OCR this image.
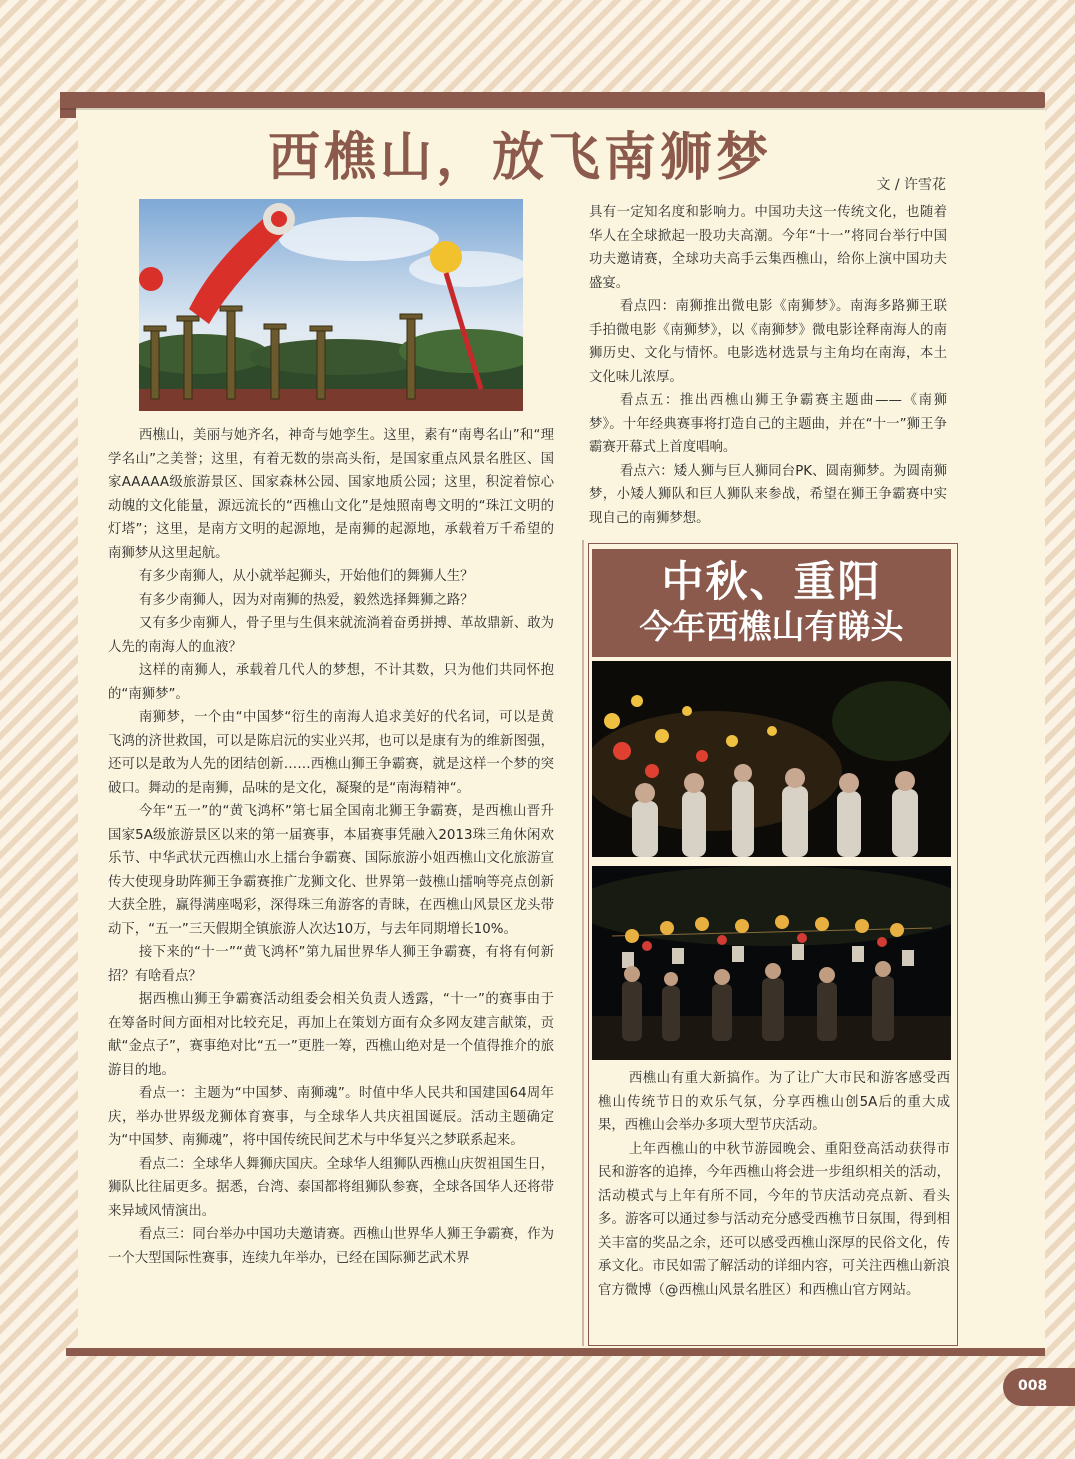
西樵山，放飞南狮梦	文 / 许雪花

西樵山，美丽与她齐名，神奇与她孪生。这里，素有“南粤名山”和“理学名山”之美誉；这里，有着无数的崇高头衔，是国家重点风景名胜区、国家AAAAA级旅游景区、国家森林公园、国家地质公园；这里，积淀着惊心动魄的文化能量，源远流长的“西樵山文化”是烛照南粤文明的“珠江文明的灯塔”；这里，是南方文明的起源地，是南狮的起源地，承载着万千希望的南狮梦从这里起航。

有多少南狮人，从小就举起狮头，开始他们的舞狮人生？

有多少南狮人，因为对南狮的热爱，毅然选择舞狮之路？

又有多少南狮人，骨子里与生俱来就流淌着奋勇拼搏、革故鼎新、敢为人先的南海人的血液？

这样的南狮人，承载着几代人的梦想，不计其数，只为他们共同怀抱的“南狮梦”。

南狮梦，一个由“中国梦“衍生的南海人追求美好的代名词，可以是黄飞鸿的济世救国，可以是陈启沅的实业兴邦，也可以是康有为的维新图强，还可以是敢为人先的团结创新……西樵山狮王争霸赛，就是这样一个梦的突破口。舞动的是南狮，品味的是文化，凝聚的是“南海精神“。

今年“五一”的“黄飞鸿杯”第七届全国南北狮王争霸赛，是西樵山晋升国家5A级旅游景区以来的第一届赛事，本届赛事凭融入2013珠三角休闲欢乐节、中华武状元西樵山水上擂台争霸赛、国际旅游小姐西樵山文化旅游宣传大使现身助阵狮王争霸赛推广龙狮文化、世界第一鼓樵山擂响等亮点创新大获全胜，赢得满座喝彩，深得珠三角游客的青睐，在西樵山风景区龙头带动下，“五一”三天假期全镇旅游人次达10万，与去年同期增长10%。

接下来的“十一”“黄飞鸿杯”第九届世界华人狮王争霸赛，有将有何新招？有啥看点？

据西樵山狮王争霸赛活动组委会相关负责人透露，“十一”的赛事由于在筹备时间方面相对比较充足，再加上在策划方面有众多网友建言献策，贡献“金点子”，赛事绝对比“五一”更胜一筹，西樵山绝对是一个值得推介的旅游目的地。

看点一：主题为“中国梦、南狮魂”。时值中华人民共和国建国64周年庆，举办世界级龙狮体育赛事，与全球华人共庆祖国诞辰。活动主题确定为“中国梦、南狮魂”，将中国传统民间艺术与中华复兴之梦联系起来。

看点二：全球华人舞狮庆国庆。全球华人组狮队西樵山庆贺祖国生日，狮队比往届更多。据悉，台湾、泰国都将组狮队参赛，全球各国华人还将带来异域风情演出。

看点三：同台举办中国功夫邀请赛。西樵山世界华人狮王争霸赛，作为一个大型国际性赛事，连续九年举办，已经在国际狮艺武术界

具有一定知名度和影响力。中国功夫这一传统文化，也随着华人在全球掀起一股功夫高潮。今年“十一”将同台举行中国功夫邀请赛，全球功夫高手云集西樵山，给你上演中国功夫盛宴。

看点四：南狮推出微电影《南狮梦》。南海多路狮王联手拍微电影《南狮梦》，以《南狮梦》微电影诠释南海人的南狮历史、文化与情怀。电影选材选景与主角均在南海，本土文化味儿浓厚。

看点五：推出西樵山狮王争霸赛主题曲——《南狮梦》。十年经典赛事将打造自己的主题曲，并在“十一”狮王争霸赛开幕式上首度唱响。

看点六：矮人狮与巨人狮同台PK、圆南狮梦。为圆南狮梦，小矮人狮队和巨人狮队来参战，希望在狮王争霸赛中实现自己的南狮梦想。

中秋、重阳
今年西樵山有睇头

西樵山有重大新搞作。为了让广大市民和游客感受西樵山传统节日的欢乐气氛，分享西樵山创5A后的重大成果，西樵山会举办多项大型节庆活动。

上年西樵山的中秋节游园晚会、重阳登高活动获得市民和游客的追捧，今年西樵山将会进一步组织相关的活动，活动模式与上年有所不同，今年的节庆活动亮点新、看头多。游客可以通过参与活动充分感受西樵节日氛围，得到相关丰富的奖品之余，还可以感受西樵山深厚的民俗文化，传承文化。市民如需了解活动的详细内容，可关注西樵山新浪官方微博（@西樵山风景名胜区）和西樵山官方网站。

008
